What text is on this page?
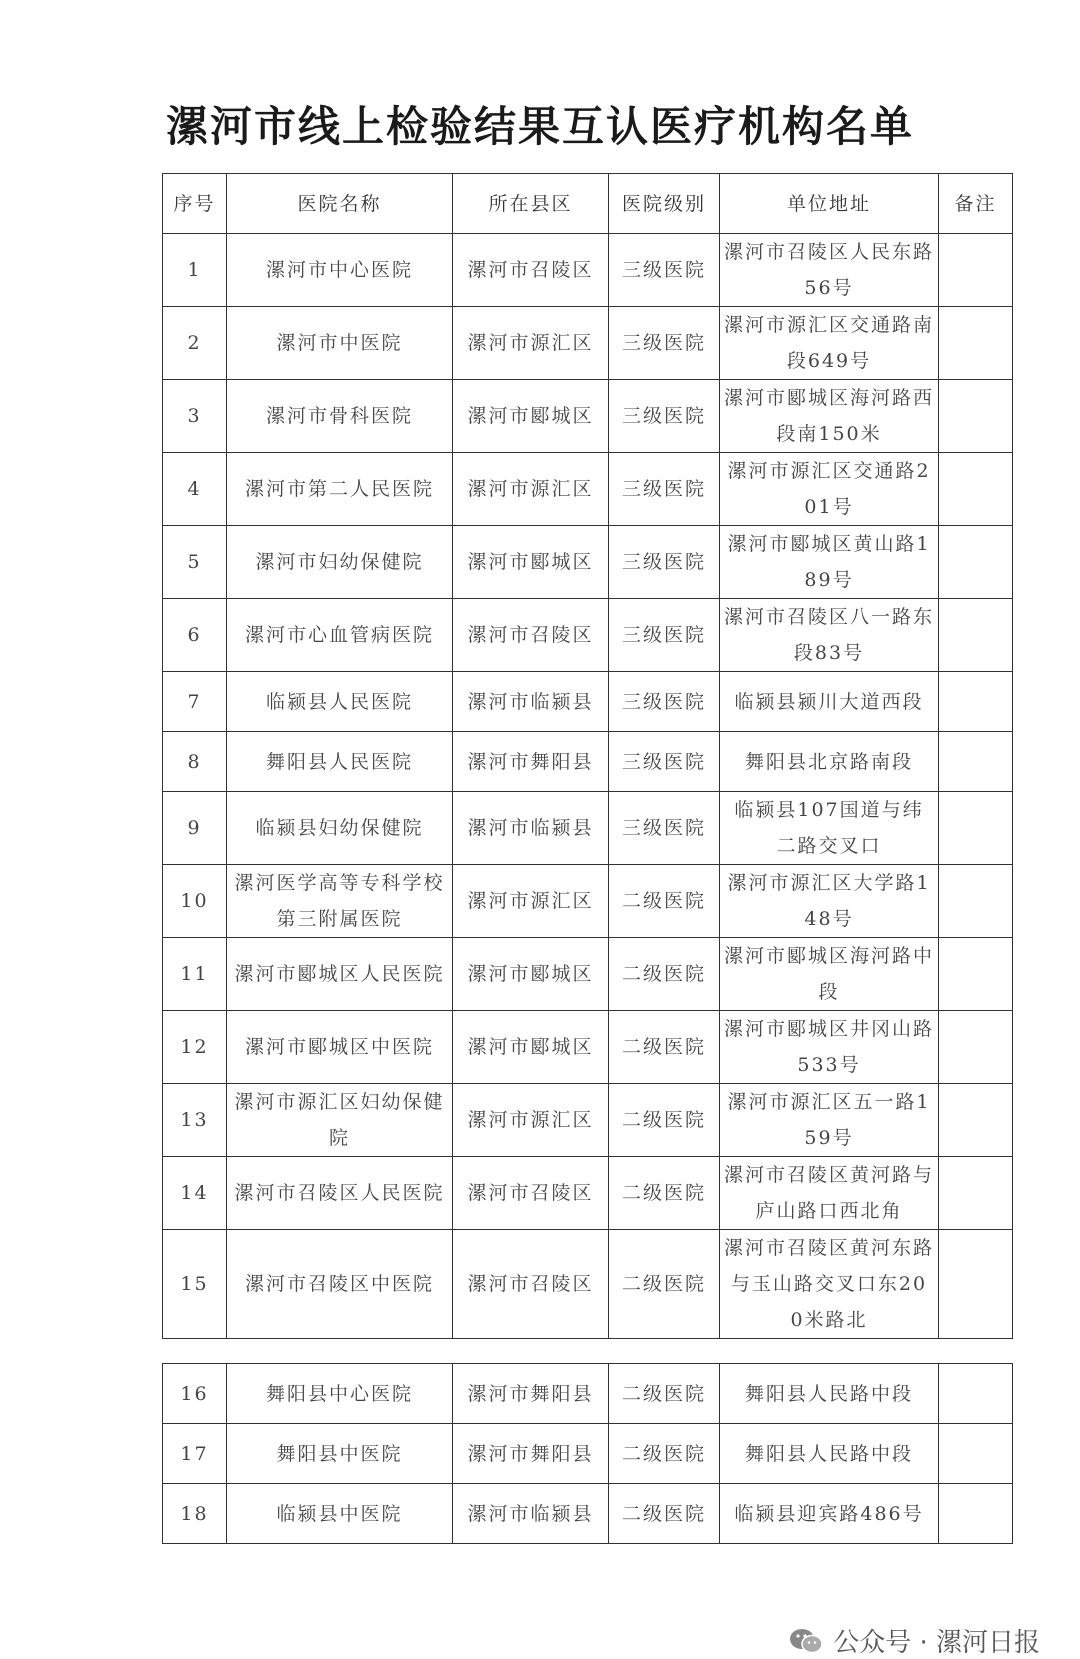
漯河市线上检验结果互认医疗机构名单
序号	医院名称	所在县区	医院级别	单位地址	备注
1	漯河市中心医院	漯河市召陵区	三级医院	漯河市召陵区人民东路56号	
2	漯河市中医院	漯河市源汇区	三级医院	漯河市源汇区交通路南段649号	
3	漯河市骨科医院	漯河市郾城区	三级医院	漯河市郾城区海河路西段南150米	
4	漯河市第二人民医院	漯河市源汇区	三级医院	漯河市源汇区交通路201号	
5	漯河市妇幼保健院	漯河市郾城区	三级医院	漯河市郾城区黄山路189号	
6	漯河市心血管病医院	漯河市召陵区	三级医院	漯河市召陵区八一路东段83号	
7	临颍县人民医院	漯河市临颍县	三级医院	临颍县颍川大道西段	
8	舞阳县人民医院	漯河市舞阳县	三级医院	舞阳县北京路南段	
9	临颍县妇幼保健院	漯河市临颍县	三级医院	临颍县107国道与纬二路交叉口	
10	漯河医学高等专科学校第三附属医院	漯河市源汇区	二级医院	漯河市源汇区大学路148号	
11	漯河市郾城区人民医院	漯河市郾城区	二级医院	漯河市郾城区海河路中段	
12	漯河市郾城区中医院	漯河市郾城区	二级医院	漯河市郾城区井冈山路533号	
13	漯河市源汇区妇幼保健院	漯河市源汇区	二级医院	漯河市源汇区五一路159号	
14	漯河市召陵区人民医院	漯河市召陵区	二级医院	漯河市召陵区黄河路与庐山路口西北角	
15	漯河市召陵区中医院	漯河市召陵区	二级医院	漯河市召陵区黄河东路与玉山路交叉口东200米路北	
16	舞阳县中心医院	漯河市舞阳县	二级医院	舞阳县人民路中段	
17	舞阳县中医院	漯河市舞阳县	二级医院	舞阳县人民路中段	
18	临颍县中医院	漯河市临颍县	二级医院	临颍县迎宾路486号	
公众号 · 漯河日报
